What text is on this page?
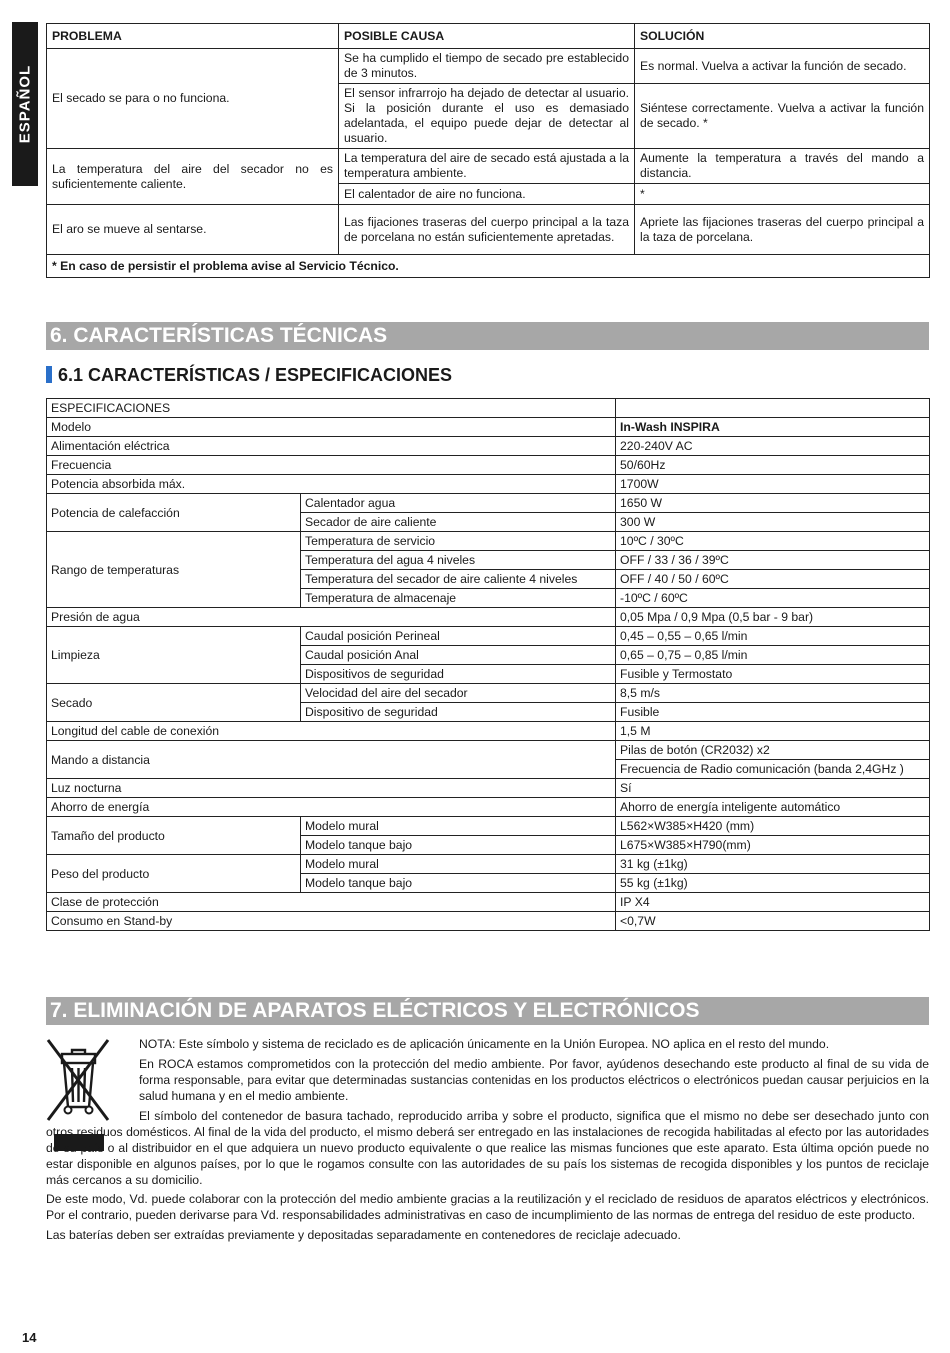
ESPAÑOL
PROBLEMA	POSIBLE CAUSA	SOLUCIÓN
El secado se para o no funciona.	Se ha cumplido el tiempo de secado pre establecido de 3 minutos.	Es normal. Vuelva a activar la función de secado.
	El sensor infrarrojo ha dejado de detectar al usuario. Si la posición durante el uso es demasiado adelantada, el equipo puede dejar de detectar al usuario.	Siéntese correctamente. Vuelva a activar la función de secado. *
La temperatura del aire del secador no es suficientemente caliente.	La temperatura del aire de secado está ajustada a la temperatura ambiente.	Aumente la temperatura a través del mando a distancia.
	El calentador de aire no funciona.	*
El aro se mueve al sentarse.	Las fijaciones traseras del cuerpo principal a la taza de porcelana no están suficientemente apretadas.	Apriete las fijaciones traseras del cuerpo principal a la taza de porcelana.
* En caso de persistir el problema avise al Servicio Técnico.		
6. CARACTERÍSTICAS TÉCNICAS
6.1 CARACTERÍSTICAS / ESPECIFICACIONES
ESPECIFICACIONES		
Modelo		In-Wash INSPIRA
Alimentación eléctrica		220-240V AC
Frecuencia		50/60Hz
Potencia absorbida máx.		1700W
Potencia de calefacción	Calentador agua	1650 W
	Secador de aire caliente	300 W
Rango de temperaturas	Temperatura de servicio	10ºC / 30ºC
	Temperatura del agua 4 niveles	OFF / 33 / 36 / 39ºC
	Temperatura del secador de aire caliente 4 niveles	OFF / 40 / 50 / 60ºC
	Temperatura de almacenaje	-10ºC / 60ºC
Presión de agua		0,05 Mpa / 0,9 Mpa (0,5 bar - 9 bar)
Limpieza	Caudal posición Perineal	0,45 – 0,55 – 0,65 l/min
	Caudal posición Anal	0,65 – 0,75 – 0,85 l/min
	Dispositivos de seguridad	Fusible y Termostato
Secado	Velocidad del aire del secador	8,5 m/s
	Dispositivo de seguridad	Fusible
Longitud del cable de conexión		1,5 M
Mando a distancia		Pilas de botón (CR2032) x2
		Frecuencia de Radio comunicación (banda 2,4GHz )
Luz nocturna		Sí
Ahorro de energía		Ahorro de energía inteligente automático
Tamaño del producto	Modelo mural	L562×W385×H420 (mm)
	Modelo tanque bajo	L675×W385×H790(mm)
Peso del producto	Modelo mural	31 kg (±1kg)
	Modelo tanque bajo	55 kg (±1kg)
Clase de protección		IP X4
Consumo en Stand-by		<0,7W
7. ELIMINACIÓN DE APARATOS ELÉCTRICOS Y ELECTRÓNICOS

NOTA: Este símbolo y sistema de reciclado es de aplicación únicamente en la Unión Europea. NO aplica en el resto del mundo.

En ROCA estamos comprometidos con la protección del medio ambiente. Por favor, ayúdenos desechando este producto al final de su vida de forma responsable, para evitar que determinadas sustancias contenidas en los productos eléctricos o electrónicos puedan causar perjuicios en la salud humana y en el medio ambiente.

El símbolo del contenedor de basura tachado, reproducido arriba y sobre el producto, significa que el mismo no debe ser desechado junto con otros residuos domésticos. Al final de la vida del producto, el mismo deberá ser entregado en las instalaciones de recogida habilitadas al efecto por las autoridades de su país o al distribuidor en el que adquiera un nuevo producto equivalente o que realice las mismas funciones que este aparato. Esta última opción puede no estar disponible en algunos países, por lo que le rogamos consulte con las autoridades de su país los sistemas de recogida disponibles y los puntos de reciclaje más cercanos a su domicilio.

De este modo, Vd. puede colaborar con la protección del medio ambiente gracias a la reutilización y el reciclado de residuos de aparatos eléctricos y electrónicos. Por el contrario, pueden derivarse para Vd. responsabilidades administrativas en caso de incumplimiento de las normas de entrega del residuo de este producto.

Las baterías deben ser extraídas previamente y depositadas separadamente en contenedores de reciclaje adecuado.

14
